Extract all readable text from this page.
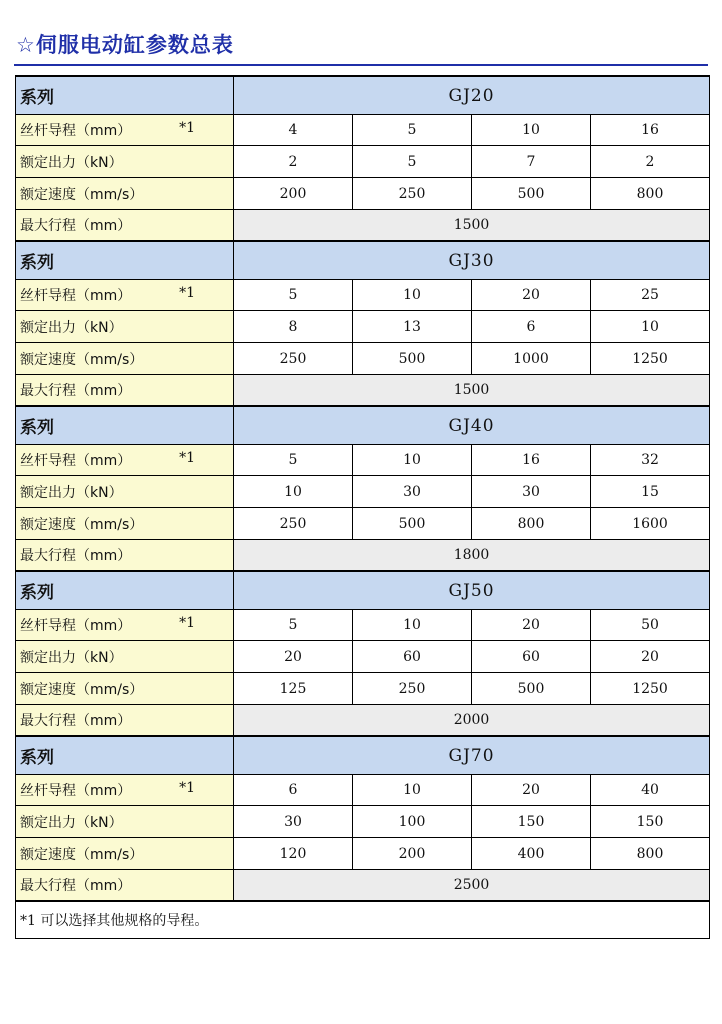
☆伺服电动缸参数总表
系列	GJ20			
丝杆导程（mm） *1	4	5	10	16
额定出力（kN）	2	5	7	2
额定速度（mm/s）	200	250	500	800
最大行程（mm）	1500			
系列	GJ30			
丝杆导程（mm） *1	5	10	20	25
额定出力（kN）	8	13	6	10
额定速度（mm/s）	250	500	1000	1250
最大行程（mm）	1500			
系列	GJ40			
丝杆导程（mm） *1	5	10	16	32
额定出力（kN）	10	30	30	15
额定速度（mm/s）	250	500	800	1600
最大行程（mm）	1800			
系列	GJ50			
丝杆导程（mm） *1	5	10	20	50
额定出力（kN）	20	60	60	20
额定速度（mm/s）	125	250	500	1250
最大行程（mm）	2000			
系列	GJ70			
丝杆导程（mm） *1	6	10	20	40
额定出力（kN）	30	100	150	150
额定速度（mm/s）	120	200	400	800
最大行程（mm）	2500			
*1 可以选择其他规格的导程。				
